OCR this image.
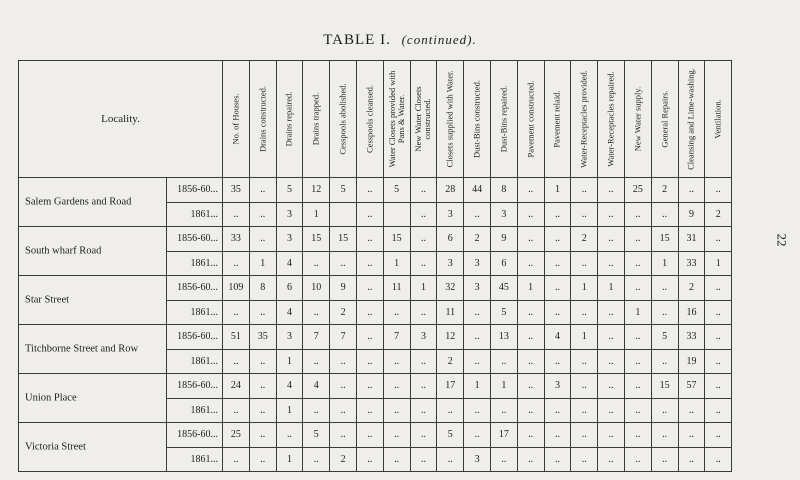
TABLE I. (continued).
22
Locality.		No. of Houses.	Drains constructed.	Drains repaired.	Drains trapped.	Cesspools abolished.	Cesspools cleansed.	Water Closets provided with Pans & Water.	New Water Closets constructed.	Closets supplied with Water.	Dust-Bins constructed.	Dust-Bins repaired.	Pavement constructed.	Pavement relaid.	Water-Receptacles provided.	Water-Receptacles repaired.	New Water supply.	General Repairs.	Cleansing and Lime-washing.	Ventilation.

Salem Gardens and Road	1856-60...	35	..	5	12	5	..	5	..	28	44	8	..	1	..	..	25	2	..	..
	1861...	..	..	3	1		..		..	3	..	3	..	..	..	..	..	..	9	2

South wharf Road	1856-60...	33	..	3	15	15	..	15	..	6	2	9	..	..	2	..	..	15	31	..
	1861...	..	1	4	..	..	..	1	..	3	3	6	..	..	..	..	..	1	33	1

Star Street	1856-60...	109	8	6	10	9	..	11	1	32	3	45	1	..	1	1	..	..	2	..
	1861...	..	..	4	..	2	..	..	..	11	..	5	..	..	..	..	1	..	16	..

Titchborne Street and Row	1856-60...	51	35	3	7	7	..	7	3	12	..	13	..	4	1	..	..	5	33	..
	1861...	..	..	1	..	..	..	..	..	2	..	..	..	..	..	..	..	..	19	..

Union Place	1856-60...	24	..	4	4	..	..	..	..	17	1	1	..	3	..	..	..	15	57	..
	1861...	..	..	1	..	..	..	..	..	..	..	..	..	..	..	..	..	..	..	..

Victoria Street	1856-60...	25	..	..	5	..	..	..	..	5	..	17	..	..	..	..	..	..	..	..
	1861...	..	..	1	..	2	..	..	..	..	3	..	..	..	..	..	..	..	..	..
